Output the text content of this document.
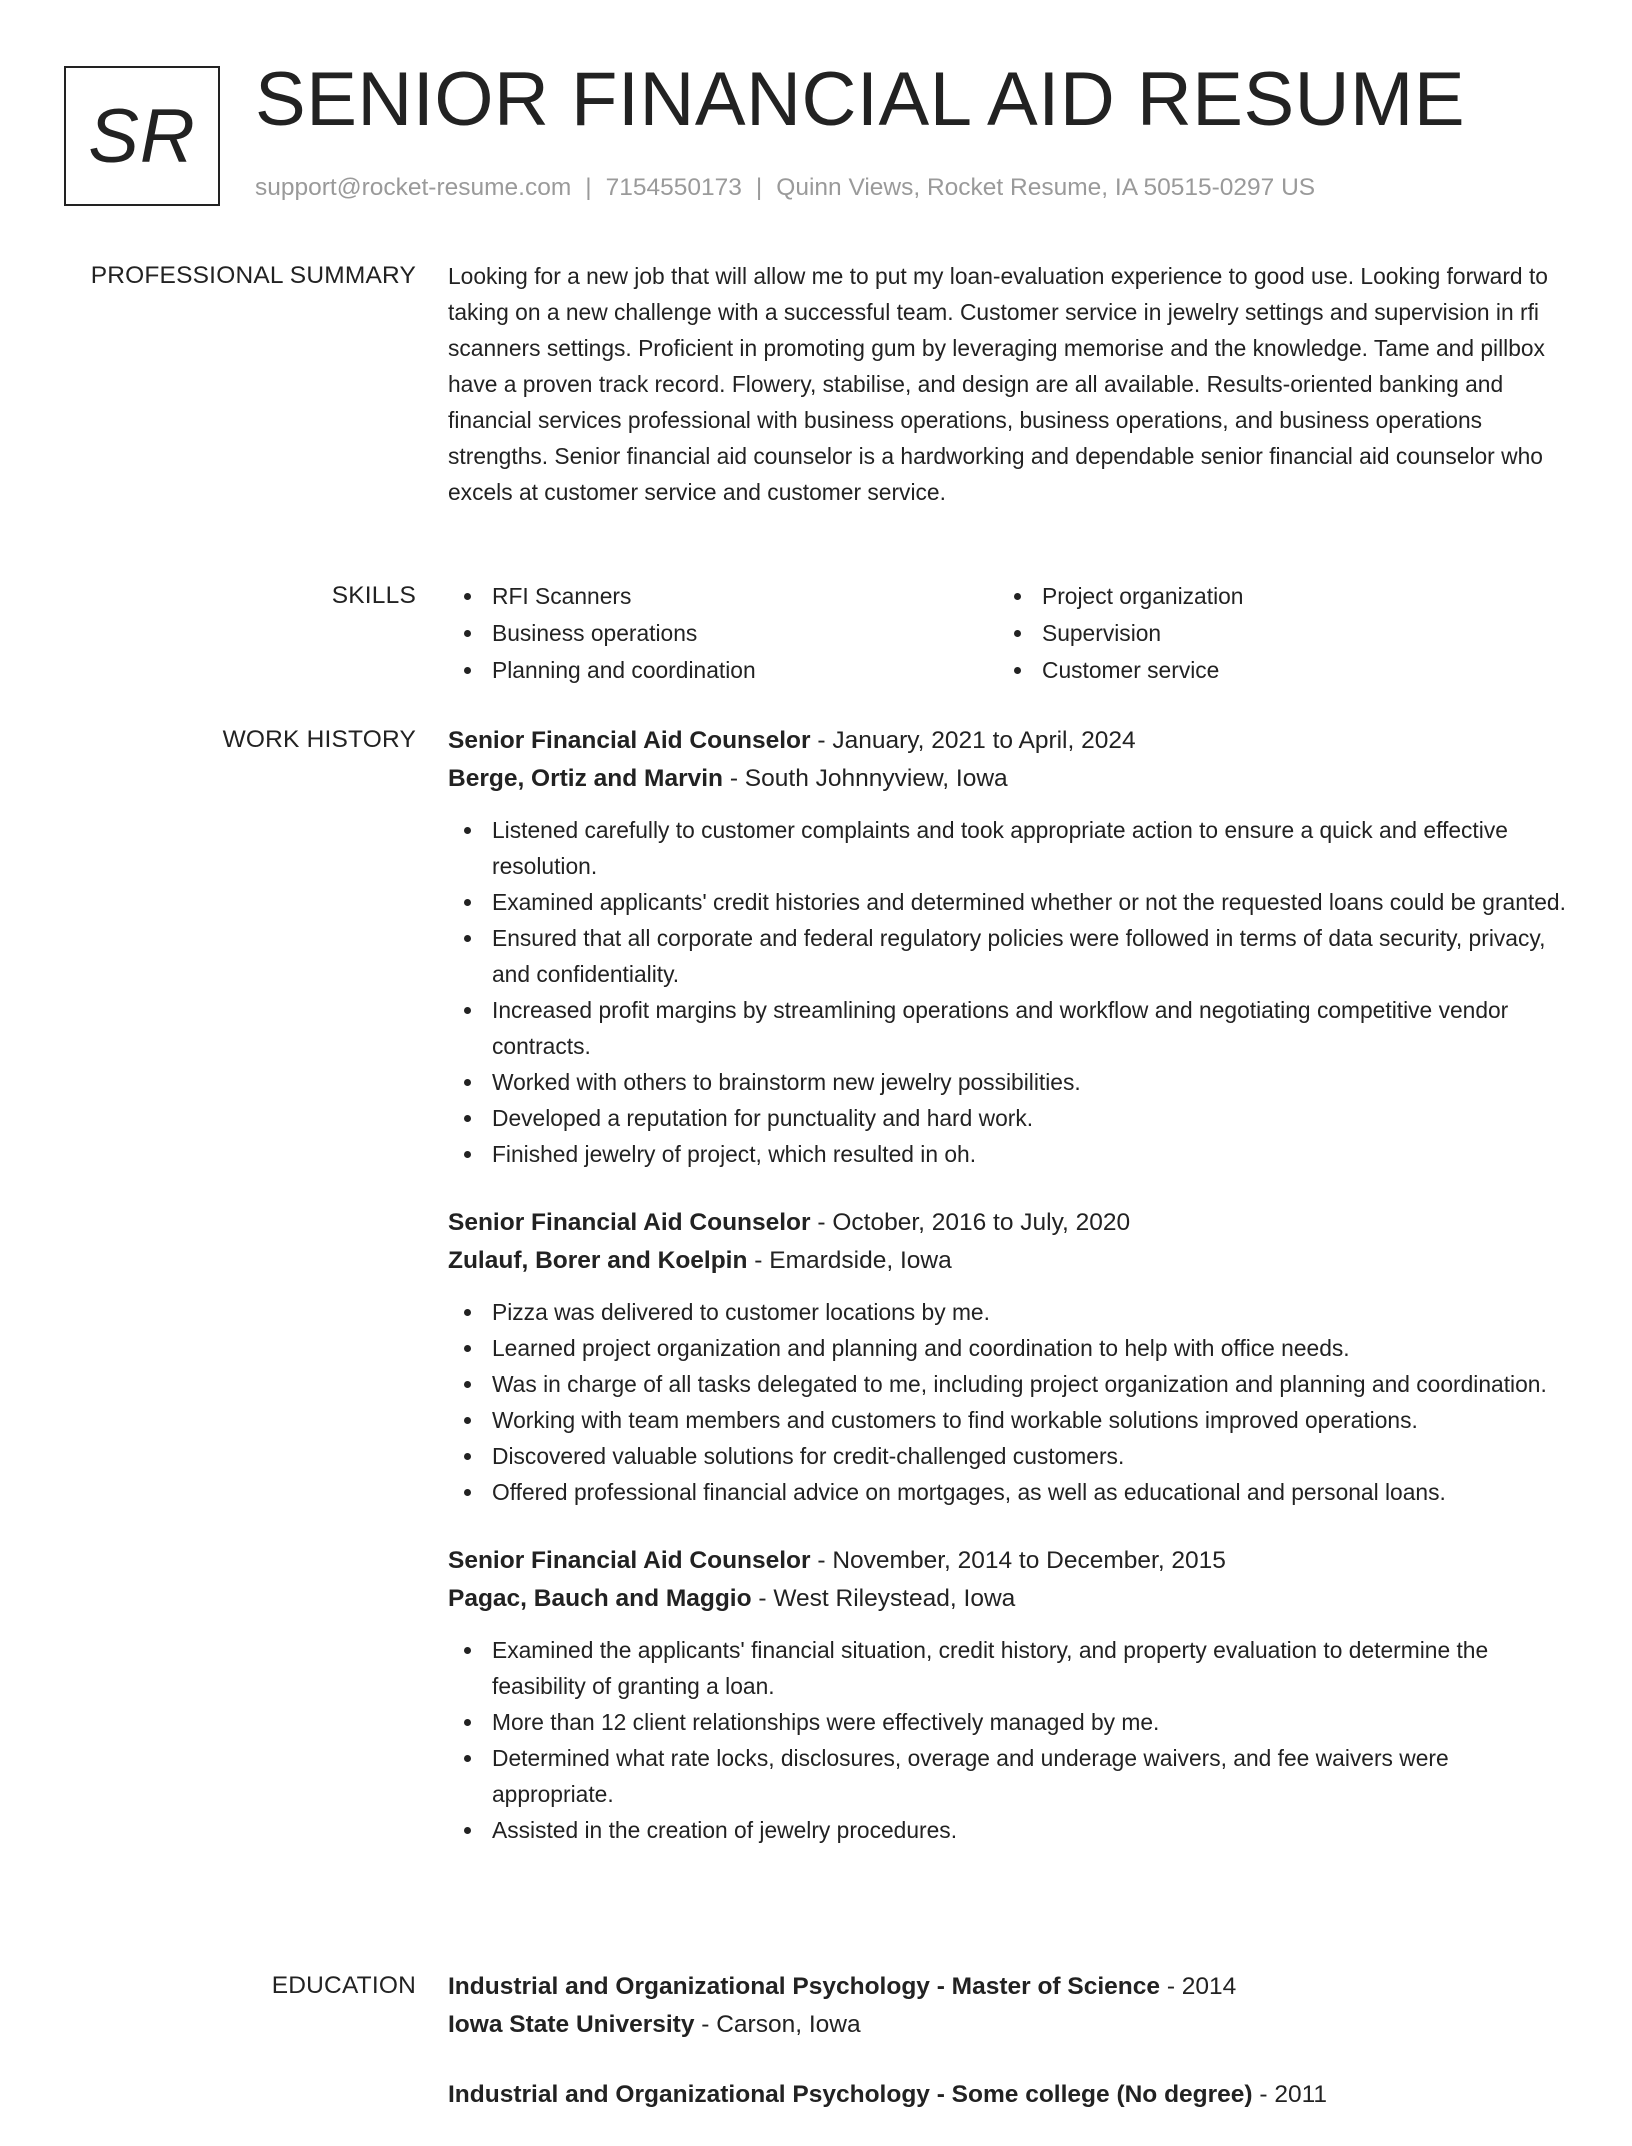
SR SENIOR FINANCIAL AID RESUME
support@rocket-resume.com | 7154550173 | Quinn Views, Rocket Resume, IA 50515-0297 US
PROFESSIONAL SUMMARY Looking for a new job that will allow me to put my loan-evaluation experience to good use. Looking forward to taking on a new challenge with a successful team. Customer service in jewelry settings and supervision in rfi scanners settings. Proficient in promoting gum by leveraging memorise and the knowledge. Tame and pillbox have a proven track record. Flowery, stabilise, and design are all available. Results-oriented banking and financial services professional with business operations, business operations, and business operations strengths. Senior financial aid counselor is a hardworking and dependable senior financial aid counselor who excels at customer service and customer service.

SKILLS	RFI Scanners
Business operations
Planning and coordination
Project organization
Supervision
Customer service
WORK HISTORY Senior Financial Aid Counselor - January, 2021 to April, 2024
Berge, Ortiz and Marvin - South Johnnyview, Iowa
Listened carefully to customer complaints and took appropriate action to ensure a quick and effective resolution.
Examined applicants' credit histories and determined whether or not the requested loans could be granted.
Ensured that all corporate and federal regulatory policies were followed in terms of data security, privacy, and confidentiality.
Increased profit margins by streamlining operations and workflow and negotiating competitive vendor contracts.
Worked with others to brainstorm new jewelry possibilities.
Developed a reputation for punctuality and hard work.
Finished jewelry of project, which resulted in oh.
Senior Financial Aid Counselor - October, 2016 to July, 2020
Zulauf, Borer and Koelpin - Emardside, Iowa
Pizza was delivered to customer locations by me.
Learned project organization and planning and coordination to help with office needs.
Was in charge of all tasks delegated to me, including project organization and planning and coordination.
Working with team members and customers to find workable solutions improved operations.
Discovered valuable solutions for credit-challenged customers.
Offered professional financial advice on mortgages, as well as educational and personal loans.
Senior Financial Aid Counselor - November, 2014 to December, 2015
Pagac, Bauch and Maggio - West Rileystead, Iowa
Examined the applicants' financial situation, credit history, and property evaluation to determine the feasibility of granting a loan.
More than 12 client relationships were effectively managed by me.
Determined what rate locks, disclosures, overage and underage waivers, and fee waivers were appropriate.
Assisted in the creation of jewelry procedures.
EDUCATION Industrial and Organizational Psychology - Master of Science - 2014
Iowa State University - Carson, Iowa
Industrial and Organizational Psychology - Some college (No degree) - 2011
